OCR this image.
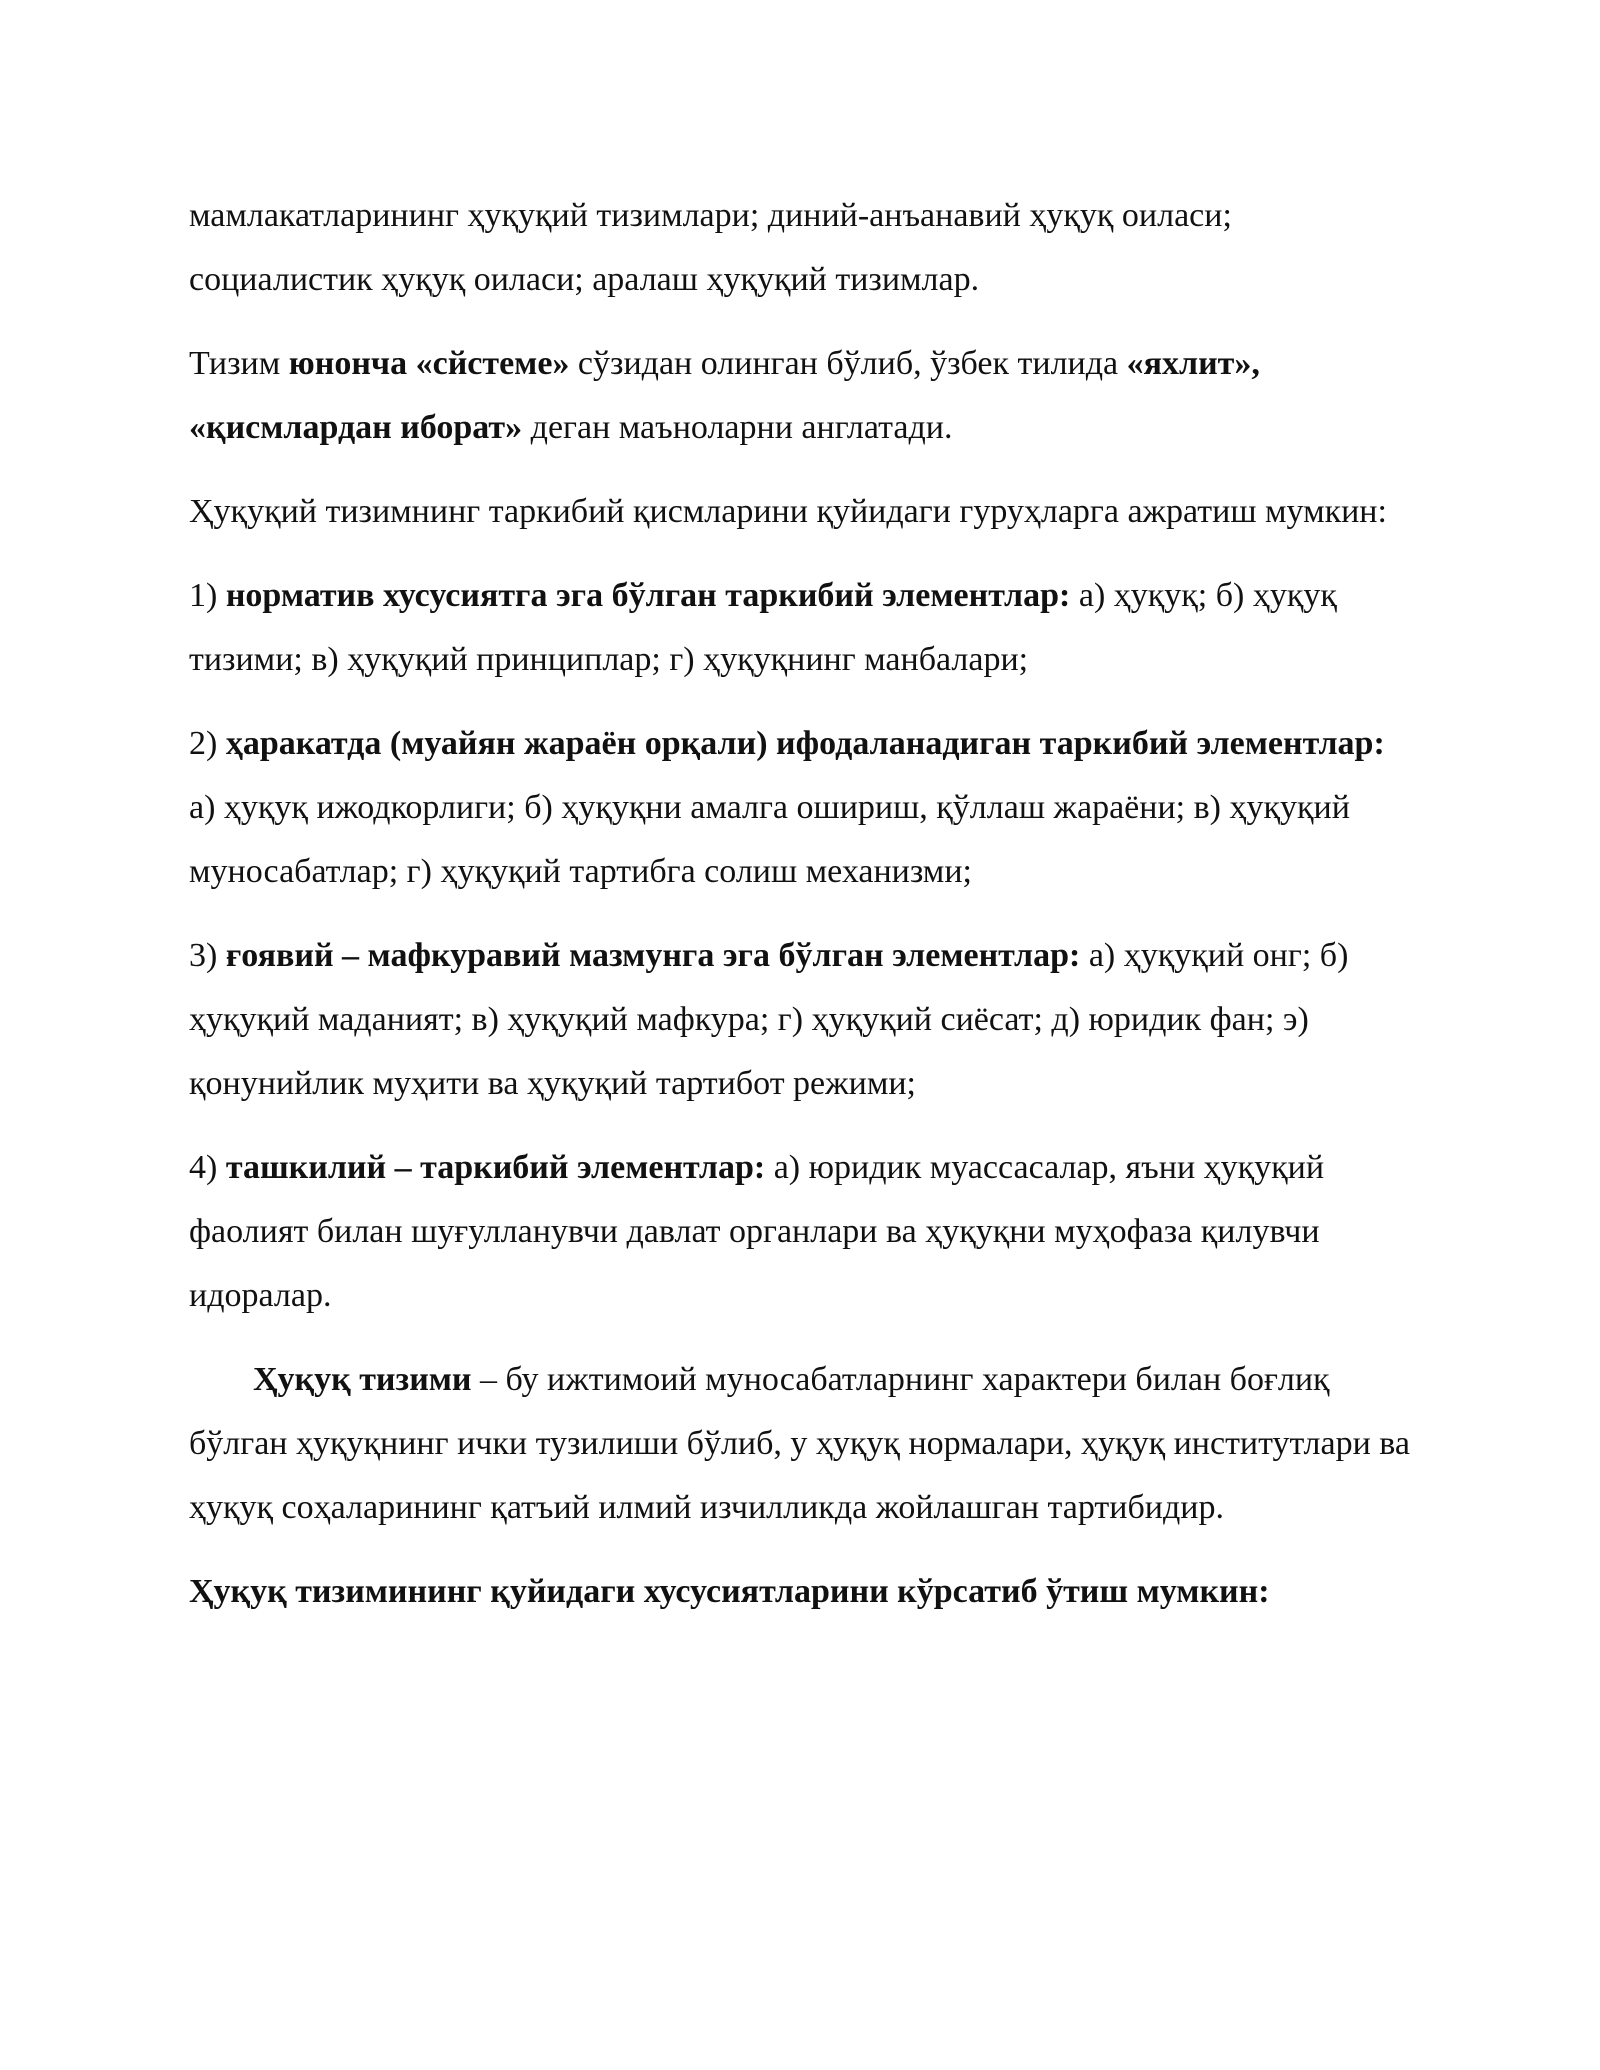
мамлакатларининг ҳуқуқий тизимлари; диний-анъанавий ҳуқуқ оиласи; социалистик ҳуқуқ оиласи; аралаш ҳуқуқий тизимлар.

Тизим юнонча «сйстеме» сўзидан олинган бўлиб, ўзбек тилида «яхлит», «қисмлардан иборат» деган маъноларни англатади.

Ҳуқуқий тизимнинг таркибий қисмларини қуйидаги гуруҳларга ажратиш мумкин:

1) норматив хусусиятга эга бўлган таркибий элементлар: а) ҳуқуқ; б) ҳуқуқ тизими; в) ҳуқуқий принциплар; г) ҳуқуқнинг манбалари;

2) ҳаракатда (муайян жараён орқали) ифодаланадиган таркибий элементлар: а) ҳуқуқ ижодкорлиги; б) ҳуқуқни амалга ошириш, қўллаш жараёни; в) ҳуқуқий муносабатлар; г) ҳуқуқий тартибга солиш механизми;

3) ғоявий – мафкуравий мазмунга эга бўлган элементлар: а) ҳуқуқий онг; б) ҳуқуқий маданият; в) ҳуқуқий мафкура; г) ҳуқуқий сиёсат; д) юридик фан; э) қонунийлик муҳити ва ҳуқуқий тартибот режими;

4) ташкилий – таркибий элементлар: а) юридик муассасалар, яъни ҳуқуқий фаолият билан шуғулланувчи давлат органлари ва ҳуқуқни муҳофаза қилувчи идоралар.

Ҳуқуқ тизими – бу ижтимоий муносабатларнинг характери билан боғлиқ бўлган ҳуқуқнинг ички тузилиши бўлиб, у ҳуқуқ нормалари, ҳуқуқ институтлари ва ҳуқуқ соҳаларининг қатъий илмий изчилликда жойлашган тартибидир.

Ҳуқуқ тизимининг қуйидаги хусусиятларини кўрсатиб ўтиш мумкин:
